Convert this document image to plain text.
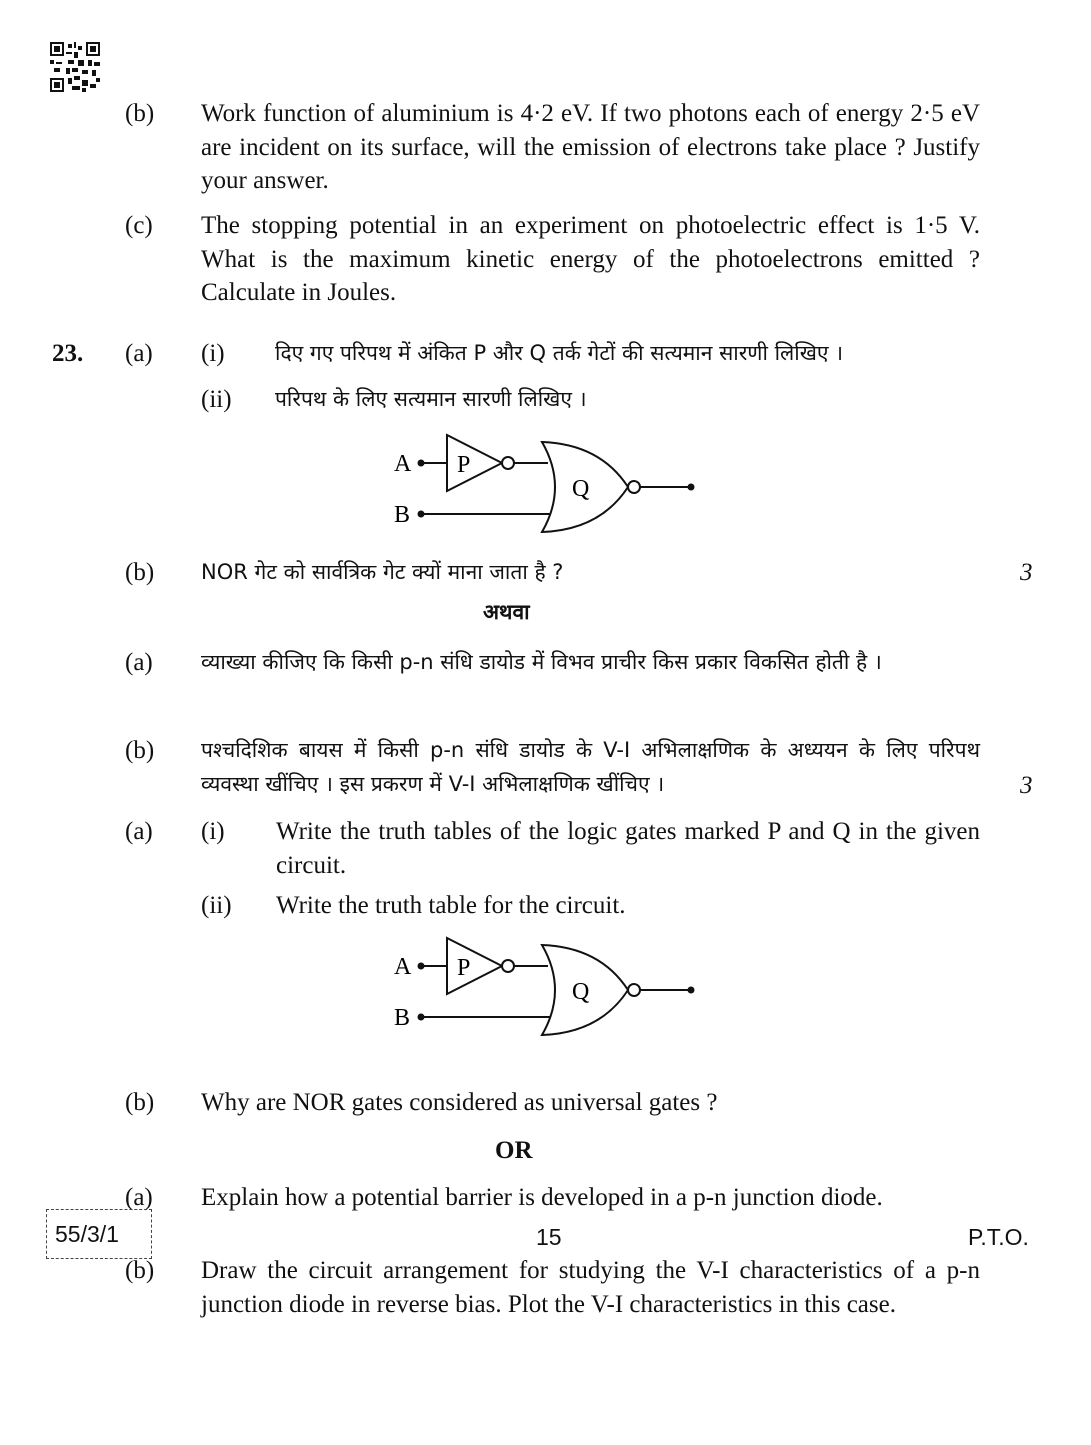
(b) Work function of aluminium is 4·2 eV. If two photons each of energy 2·5 eV are incident on its surface, will the emission of electrons take place ? Justify your answer.
(c) The stopping potential in an experiment on photoelectric effect is 1·5 V. What is the maximum kinetic energy of the photoelectrons emitted ? Calculate in Joules.
23. (a) (i) दिए गए परिपथ में अंकित P और Q तर्क गेटों की सत्यमान सारणी लिखिए ।
(ii) परिपथ के लिए सत्यमान सारणी लिखिए ।
A P
Q
B
(b) NOR गेट को सार्वत्रिक गेट क्यों माना जाता है ?	3
अथवा
(a) व्याख्या कीजिए कि किसी p-n संधि डायोड में विभव प्राचीर किस प्रकार विकसित होती है ।
(b) पश्चदिशिक बायस में किसी p-n संधि डायोड के V-I अभिलाक्षणिक के अध्ययन के लिए परिपथ व्यवस्था खींचिए । इस प्रकरण में V-I अभिलाक्षणिक खींचिए ।	3
(a) (i) Write the truth tables of the logic gates marked P and Q in the given circuit.
(ii) Write the truth table for the circuit.
A P
Q
B
(b) Why are NOR gates considered as universal gates ?
OR
(a) Explain how a potential barrier is developed in a p-n junction diode.
(b) Draw the circuit arrangement for studying the V-I characteristics of a p-n junction diode in reverse bias. Plot the V-I characteristics in this case.
55/3/1	15	P.T.O.
